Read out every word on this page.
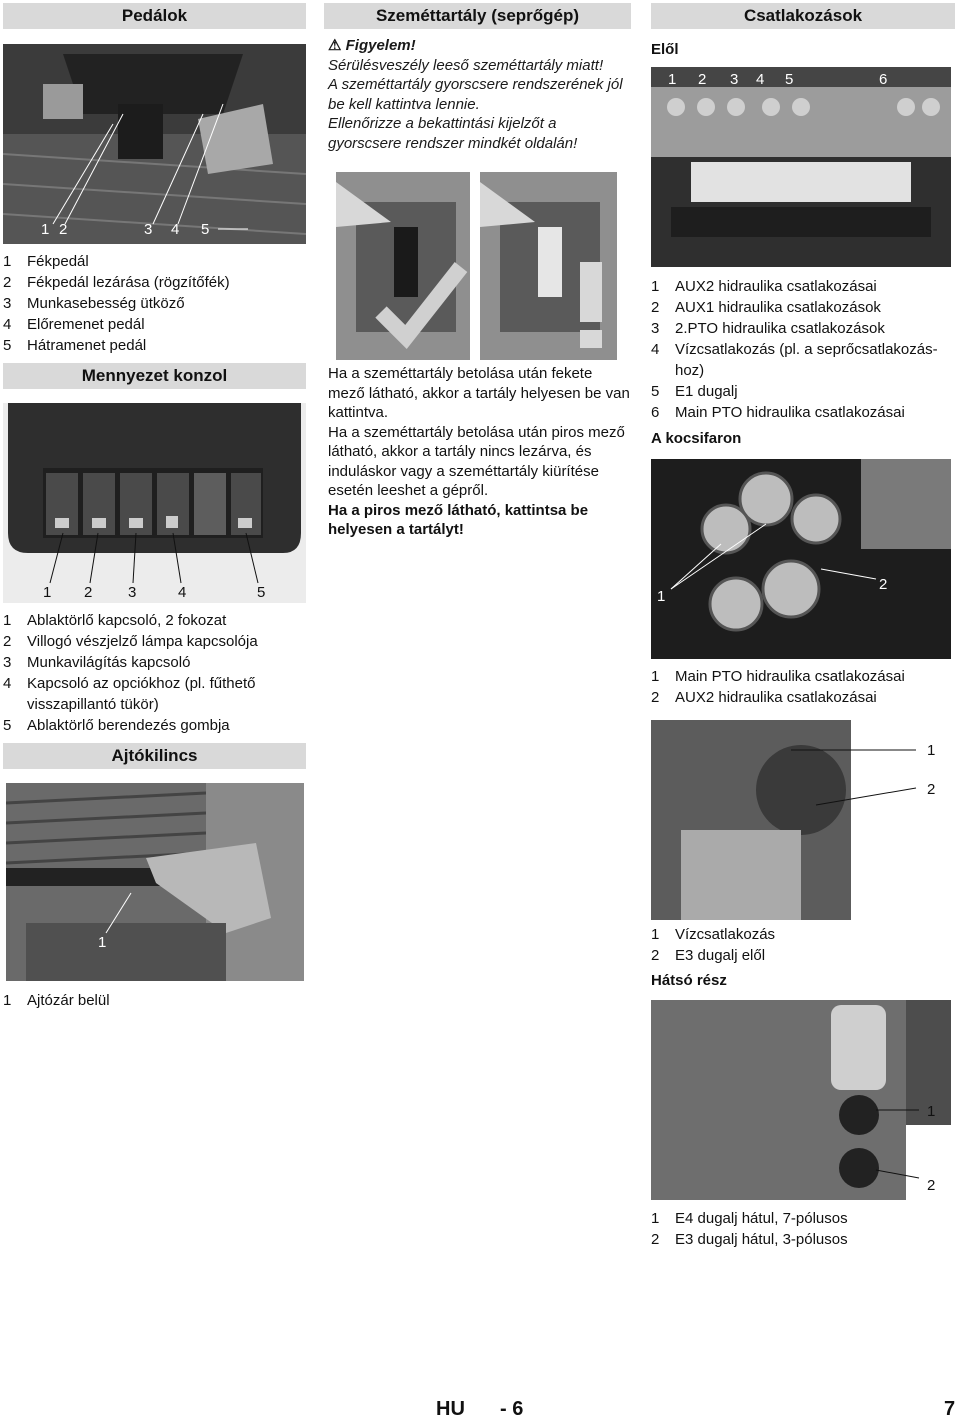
Pedálok
1 2	3 4 5
1 Fékpedál
2 Fékpedál lezárása (rögzítőfék)
3 Munkasebesség ütköző
4 Előremenet pedál
5 Hátramenet pedál
Mennyezet konzol
1 2 3	4	5
1 Ablaktörlő kapcsoló, 2 fokozat
2 Villogó vészjelző lámpa kapcsolója
3 Munkavilágítás kapcsoló
4 Kapcsoló az opciókhoz (pl. fűthető visszapillantó tükör)
5 Ablaktörlő berendezés gombja
Ajtókilincs
1
1 Ajtózár belül
Szeméttartály (seprőgép)
⚠ Figyelem!
Sérülésveszély leeső szeméttartály miatt!
A szeméttartály gyorscsere rendszerének jól be kell kattintva lennie.
Ellenőrizze a bekattintási kijelzőt a gyorscsere rendszer mindkét oldalán!
Ha a szeméttartály betolása után fekete mező látható, akkor a tartály helyesen be van kattintva.
Ha a szeméttartály betolása után piros mező látható, akkor a tartály nincs lezárva, és induláskor vagy a szeméttartály kiürítése esetén leeshet a gépről.
Ha a piros mező látható, kattintsa be helyesen a tartályt!
Csatlakozások
Elől
1 2 3 4 5	6
1 AUX2 hidraulika csatlakozásai
2 AUX1 hidraulika csatlakozások
3 2.PTO hidraulika csatlakozások
4 Vízcsatlakozás (pl. a seprőcsatlakozás-hoz)
5 E1 dugalj
6 Main PTO hidraulika csatlakozásai
A kocsifaron
1
2
1 Main PTO hidraulika csatlakozásai
2 AUX2 hidraulika csatlakozásai
1
2
1 Vízcsatlakozás
2 E3 dugalj elől
Hátsó rész
1
2
1 E4 dugalj hátul, 7-pólusos
2 E3 dugalj hátul, 3-pólusos
HU - 6	7
